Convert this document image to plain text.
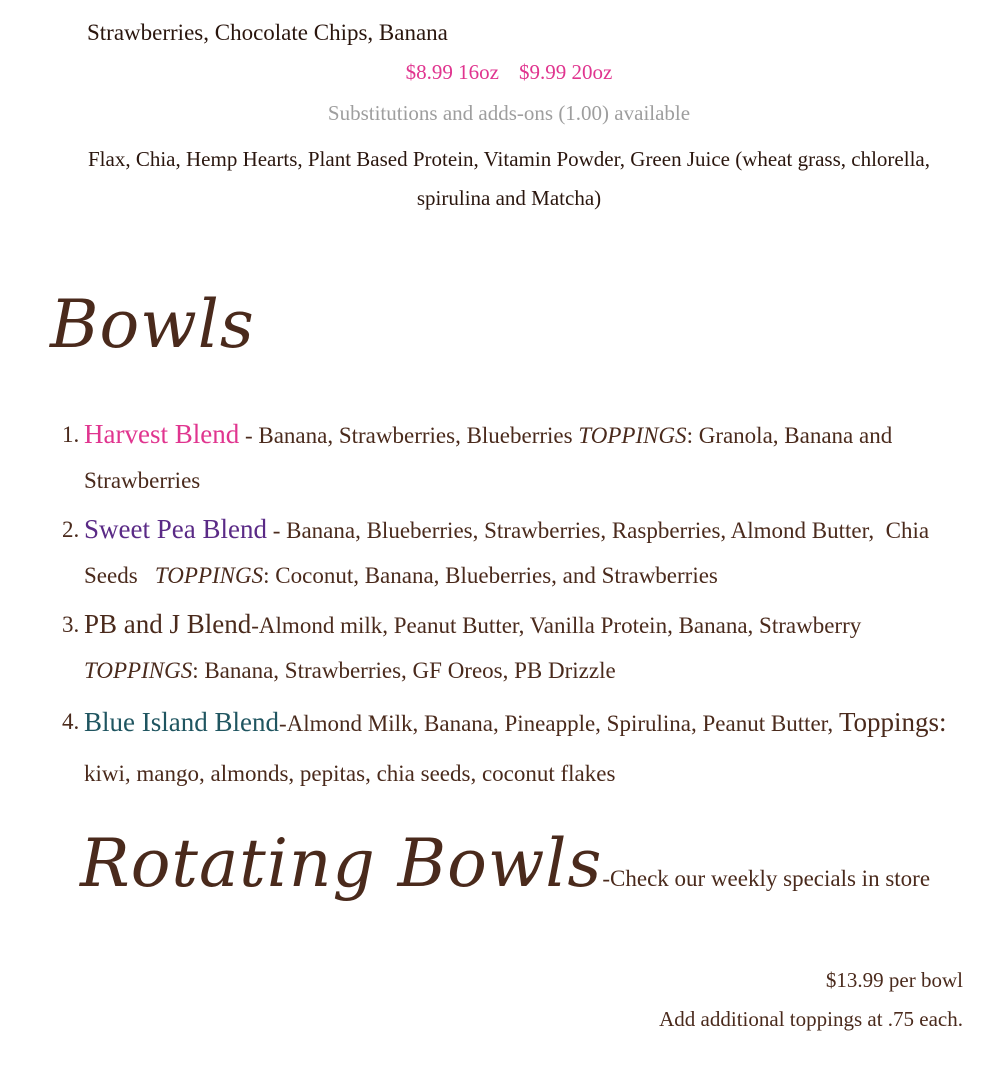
Strawberries, Chocolate Chips, Banana
$8.99 16oz $9.99 20oz
Substitutions and adds-ons (1.00) available
Flax, Chia, Hemp Hearts, Plant Based Protein, Vitamin Powder, Green Juice (wheat grass, chlorella, spirulina and Matcha)
Bowls
1. Harvest Blend - Banana, Strawberries, Blueberries TOPPINGS: Granola, Banana and Strawberries
2. Sweet Pea Blend - Banana, Blueberries, Strawberries, Raspberries, Almond Butter,  Chia Seeds   TOPPINGS: Coconut, Banana, Blueberries, and Strawberries
3. PB and J Blend-Almond milk, Peanut Butter, Vanilla Protein, Banana, Strawberry   TOPPINGS: Banana, Strawberries, GF Oreos, PB Drizzle
4. Blue Island Blend-Almond Milk, Banana, Pineapple, Spirulina, Peanut Butter, Toppings: kiwi, mango, almonds, pepitas, chia seeds, coconut flakes
Rotating Bowls-Check our weekly specials in store
$13.99 per bowl
Add additional toppings at .75 each.
